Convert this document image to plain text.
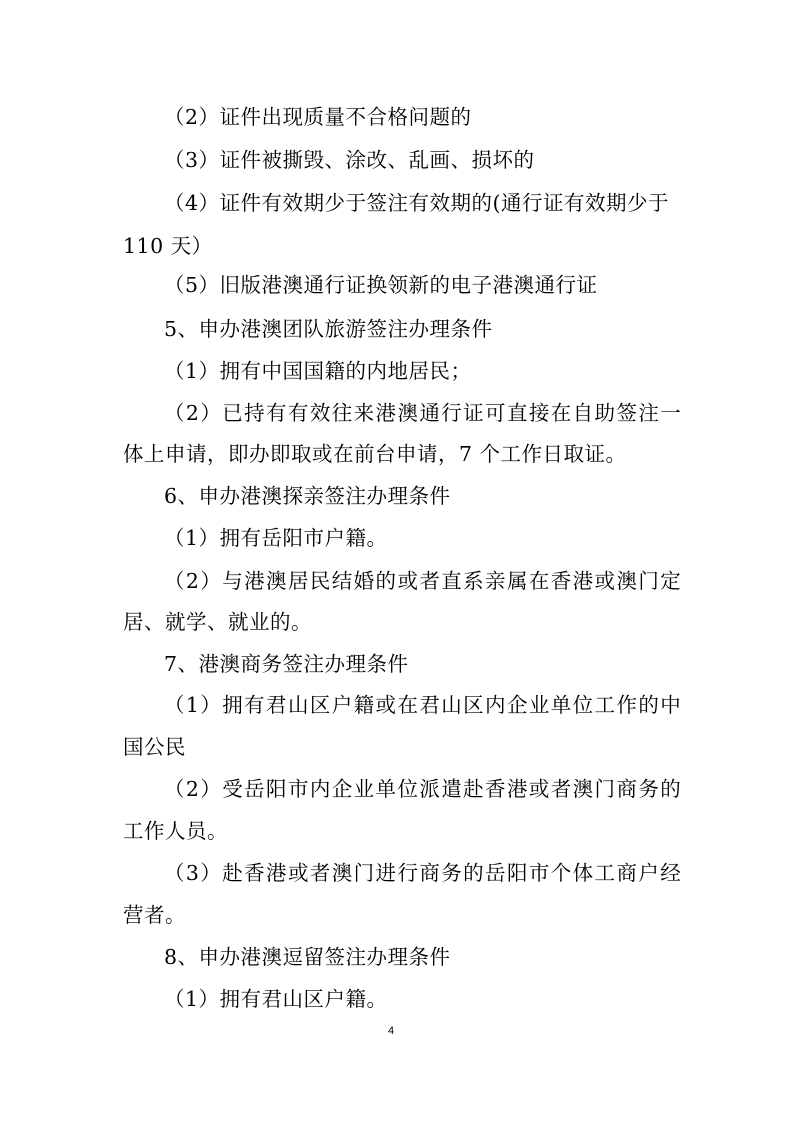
（2）证件出现质量不合格问题的
（3）证件被撕毁、涂改、乱画、损坏的
（4）证件有效期少于签注有效期的(通行证有效期少于
110 天）
（5）旧版港澳通行证换领新的电子港澳通行证
5、申办港澳团队旅游签注办理条件
（1）拥有中国国籍的内地居民；
（2）已持有有效往来港澳通行证可直接在自助签注一
体上申请，即办即取或在前台申请，7 个工作日取证。
6、申办港澳探亲签注办理条件
（1）拥有岳阳市户籍。
（2）与港澳居民结婚的或者直系亲属在香港或澳门定
居、就学、就业的。
7、港澳商务签注办理条件
（1）拥有君山区户籍或在君山区内企业单位工作的中
国公民
（2）受岳阳市内企业单位派遣赴香港或者澳门商务的
工作人员。
（3）赴香港或者澳门进行商务的岳阳市个体工商户经
营者。
8、申办港澳逗留签注办理条件
（1）拥有君山区户籍。
4
